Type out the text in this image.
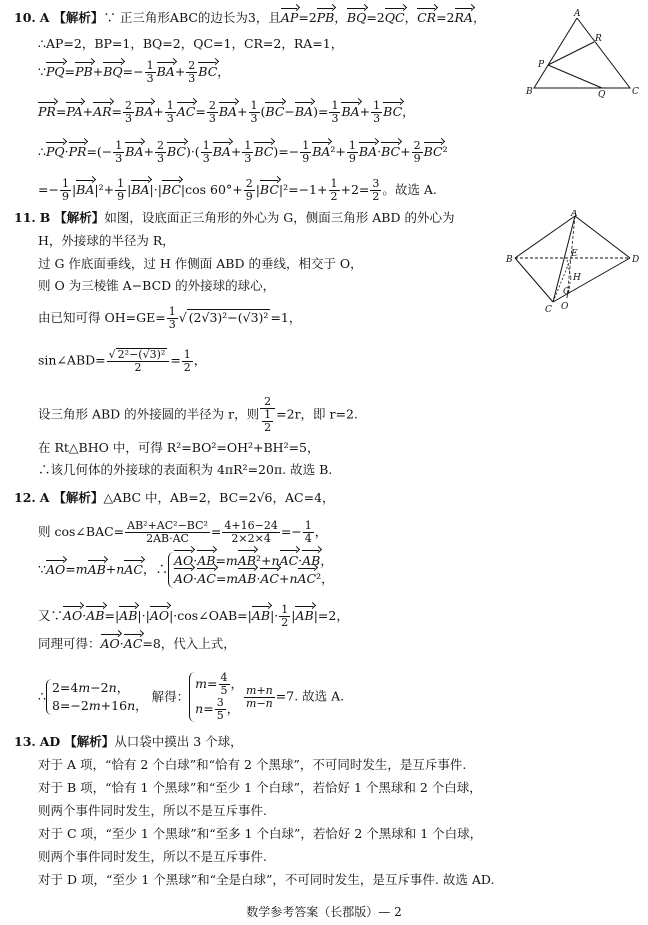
10. A 【解析】∵ 正三角形ABC的边长为3，且AP=2PB，BQ=2QC，CR=2RA，
∴AP=2，BP=1，BQ=2，QC=1，CR=2，RA=1，
∵PQ=PB+BQ=− $\frac{1}{3} BA+ \frac{2}{3}$ BC，
$PR=PA+AR= \frac{2}{3} BA+ \frac{1}{3} AC= \frac{2}{3} BA+ \frac{1}{3} (BC-BA)= \frac{1}{3} BA+ \frac{1}{3}$ BC，
∴PQ·PR=(− $\frac{1}{3} BA+ \frac{2}{3} BC)\cdot( \frac{1}{3} BA+ \frac{1}{3} BC)=- \frac{1}{9} BA^2+ \frac{1}{9} BA\cdot BC+ \frac{2}{9} BC^2$
=− $\frac{1}{9} |BA|^2+ \frac{1}{9} |BA|\cdot|BC|\cos$ $60^\circ+ \frac{2}{9} |BC|^2=-1+ \frac{1}{2} +2= \frac{3}{2}$ 。故选 A.
A
R
P
B	Q	C
11. B 【解析】如图，设底面正三角形的外心为 G，侧面三角形 ABD 的外心为
H，外接球的半径为 R，
过 G 作底面垂线，过 H 作侧面 ABD 的垂线，相交于 O，
则 O 为三棱锥 A−BCD 的外接球的球心，
由已知可得 $OH=GE= \frac{1}{3}$ √ (2√3)²−(√3)² =1，
sin∠ABD= $\frac{\text{√ 2²−(√3)²}}{2} = \frac{1}{2}$ ，
设三角形 ABD 的外接圆的半径为 r，则 $\frac{2}{\frac{1}{2}} =2r$，即 r=2.
在 Rt△BHO 中，可得 R²=BO²=OH²+BH²=5，
∴该几何体的外接球的表面积为 4πR²=20π. 故选 B.
A
B	D
E
H
C
G
O
12. A 【解析】△ABC 中，AB=2，BC=2√6，AC=4，
则 cos∠BAC= $\frac{\text{AB²+AC²−BC²}}{2AB\cdot AC} = \frac{4+16-24}{2\times 2\times 4} =- \frac{1}{4}$ ，
∵AO=mAB+nAC，∴AO·AB=mAB²+nAC·AB，
AO·AC=mAB·AC+nAC²，
又∵AO·AB=|AB|·|AO|·cos∠OAB=|AB|· $\frac{1}{2} |AB|=2$，
同理可得：AO·AC=8，代入上式，
∴2=4m−2n，
8=−2m+16n，解得：$m= \frac{4}{5}$ ，
$n= \frac{3}{5}$ ， $\frac{m+n}{m-n} =7$. 故选 A.
13. AD 【解析】从口袋中摸出 3 个球，
对于 A 项，“恰有 2 个白球”和“恰有 2 个黑球”，不可同时发生，是互斥事件.
对于 B 项，“恰有 1 个黑球”和“至少 1 个白球”，若恰好 1 个黑球和 2 个白球，
则两个事件同时发生，所以不是互斥事件.
对于 C 项，“至少 1 个黑球”和“至多 1 个白球”，若恰好 2 个黑球和 1 个白球，
则两个事件同时发生，所以不是互斥事件.
对于 D 项，“至少 1 个黑球”和“全是白球”，不可同时发生，是互斥事件. 故选 AD.
数学参考答案（长郡版）— 2
